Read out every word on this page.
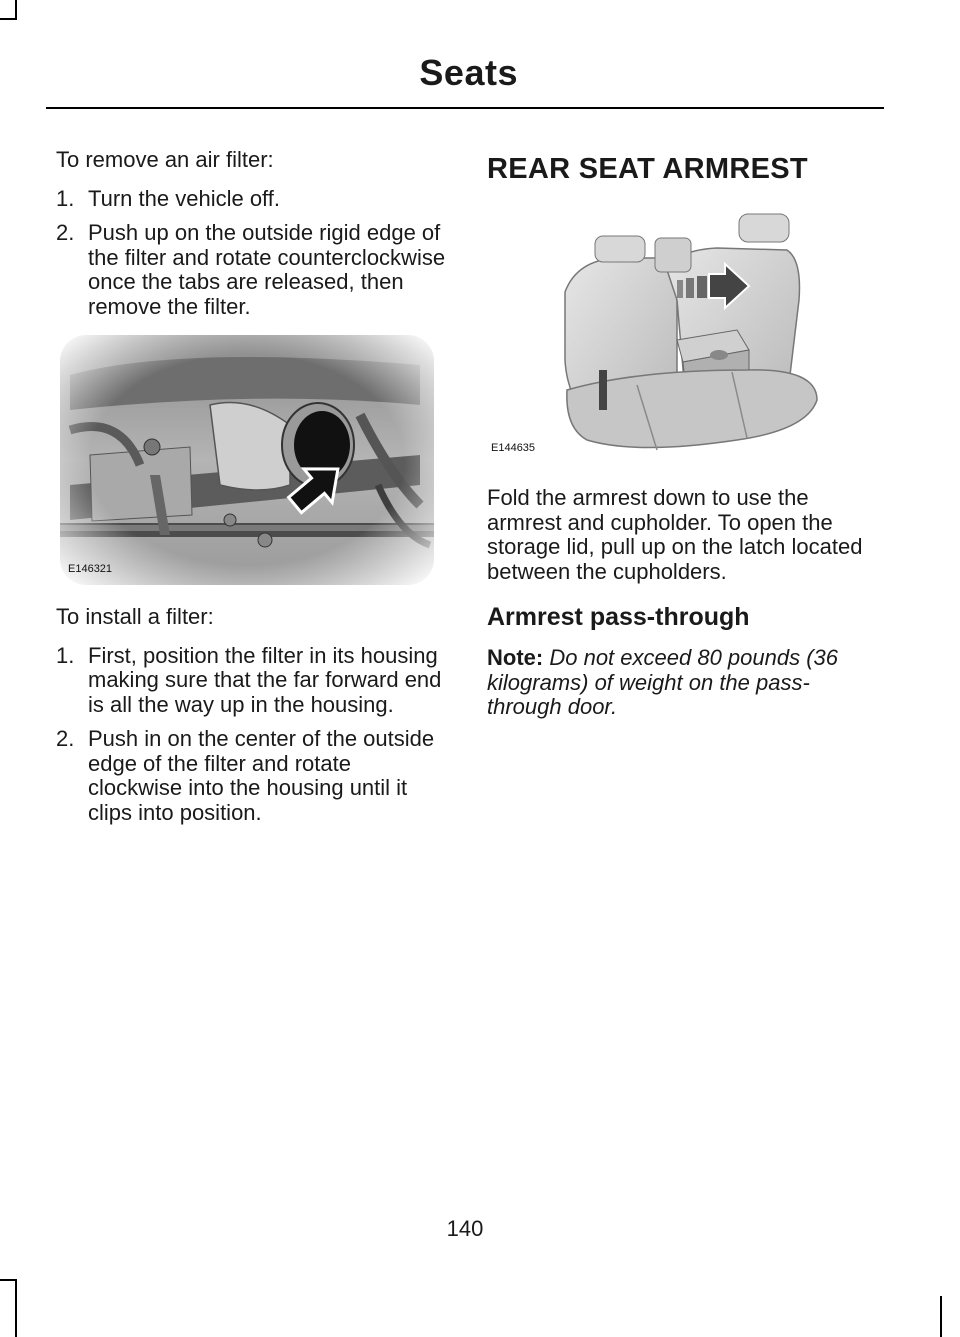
Seats

To remove an air filter:

1. Turn the vehicle off.
2. Push up on the outside rigid edge of the filter and rotate counterclockwise once the tabs are released, then remove the filter.
E146321

To install a filter:

1. First, position the filter in its housing making sure that the far forward end is all the way up in the housing.
2. Push in on the center of the outside edge of the filter and rotate clockwise into the housing until it clips into position.
REAR SEAT ARMREST
E144635

Fold the armrest down to use the armrest and cupholder. To open the storage lid, pull up on the latch located between the cupholders.

Armrest pass-through

Note: Do not exceed 80 pounds (36 kilograms) of weight on the pass-through door.

140
